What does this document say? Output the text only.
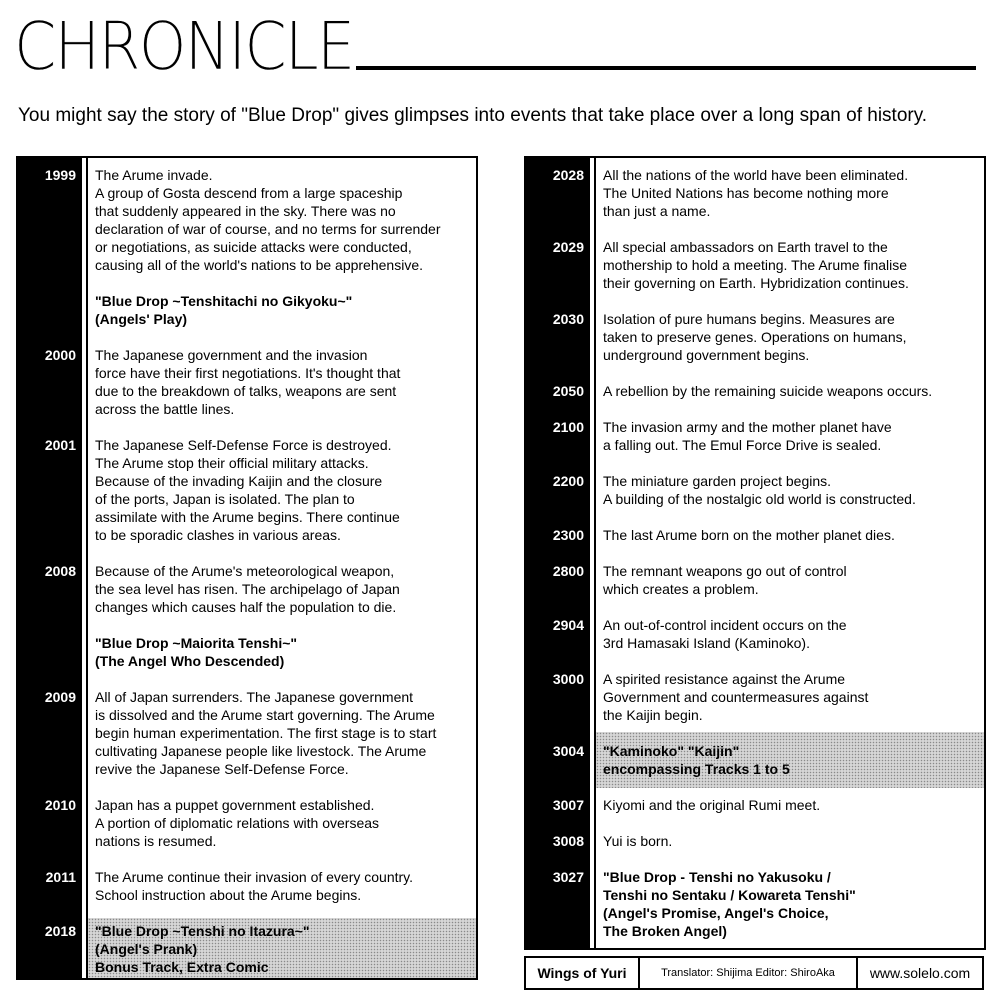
CHRONICLE
You might say the story of "Blue Drop" gives glimpses into events that take place over a long span of history.
1999 The Arume invade.
A group of Gosta descend from a large spaceship
that suddenly appeared in the sky. There was no
declaration of war of course, and no terms for surrender
or negotiations, as suicide attacks were conducted,
causing all of the world's nations to be apprehensive.
"Blue Drop ~Tenshitachi no Gikyoku~"
(Angels' Play)
2000 The Japanese government and the invasion
force have their first negotiations. It's thought that
due to the breakdown of talks, weapons are sent
across the battle lines.
2001 The Japanese Self-Defense Force is destroyed.
The Arume stop their official military attacks.
Because of the invading Kaijin and the closure
of the ports, Japan is isolated. The plan to
assimilate with the Arume begins. There continue
to be sporadic clashes in various areas.
2008 Because of the Arume's meteorological weapon,
the sea level has risen. The archipelago of Japan
changes which causes half the population to die.
"Blue Drop ~Maiorita Tenshi~"
(The Angel Who Descended)
2009 All of Japan surrenders. The Japanese government
is dissolved and the Arume start governing. The Arume
begin human experimentation. The first stage is to start
cultivating Japanese people like livestock. The Arume
revive the Japanese Self-Defense Force.
2010 Japan has a puppet government established.
A portion of diplomatic relations with overseas
nations is resumed.
2011 The Arume continue their invasion of every country.
School instruction about the Arume begins.
2018 "Blue Drop ~Tenshi no Itazura~"
(Angel's Prank)
Bonus Track, Extra Comic
2028 All the nations of the world have been eliminated.
The United Nations has become nothing more
than just a name.
2029 All special ambassadors on Earth travel to the
mothership to hold a meeting. The Arume finalise
their governing on Earth. Hybridization continues.
2030 Isolation of pure humans begins. Measures are
taken to preserve genes. Operations on humans,
underground government begins.
2050 A rebellion by the remaining suicide weapons occurs.
2100 The invasion army and the mother planet have
a falling out. The Emul Force Drive is sealed.
2200 The miniature garden project begins.
A building of the nostalgic old world is constructed.
2300 The last Arume born on the mother planet dies.
2800 The remnant weapons go out of control
which creates a problem.
2904 An out-of-control incident occurs on the
3rd Hamasaki Island (Kaminoko).
3000 A spirited resistance against the Arume
Government and countermeasures against
the Kaijin begin.
3004 "Kaminoko" "Kaijin"
encompassing Tracks 1 to 5
3007 Kiyomi and the original Rumi meet.
3008 Yui is born.
3027 "Blue Drop - Tenshi no Yakusoku /
Tenshi no Sentaku / Kowareta Tenshi"
(Angel's Promise, Angel's Choice,
The Broken Angel)
Wings of Yuri	Translator: Shijima Editor: ShiroAka	www.solelo.com
